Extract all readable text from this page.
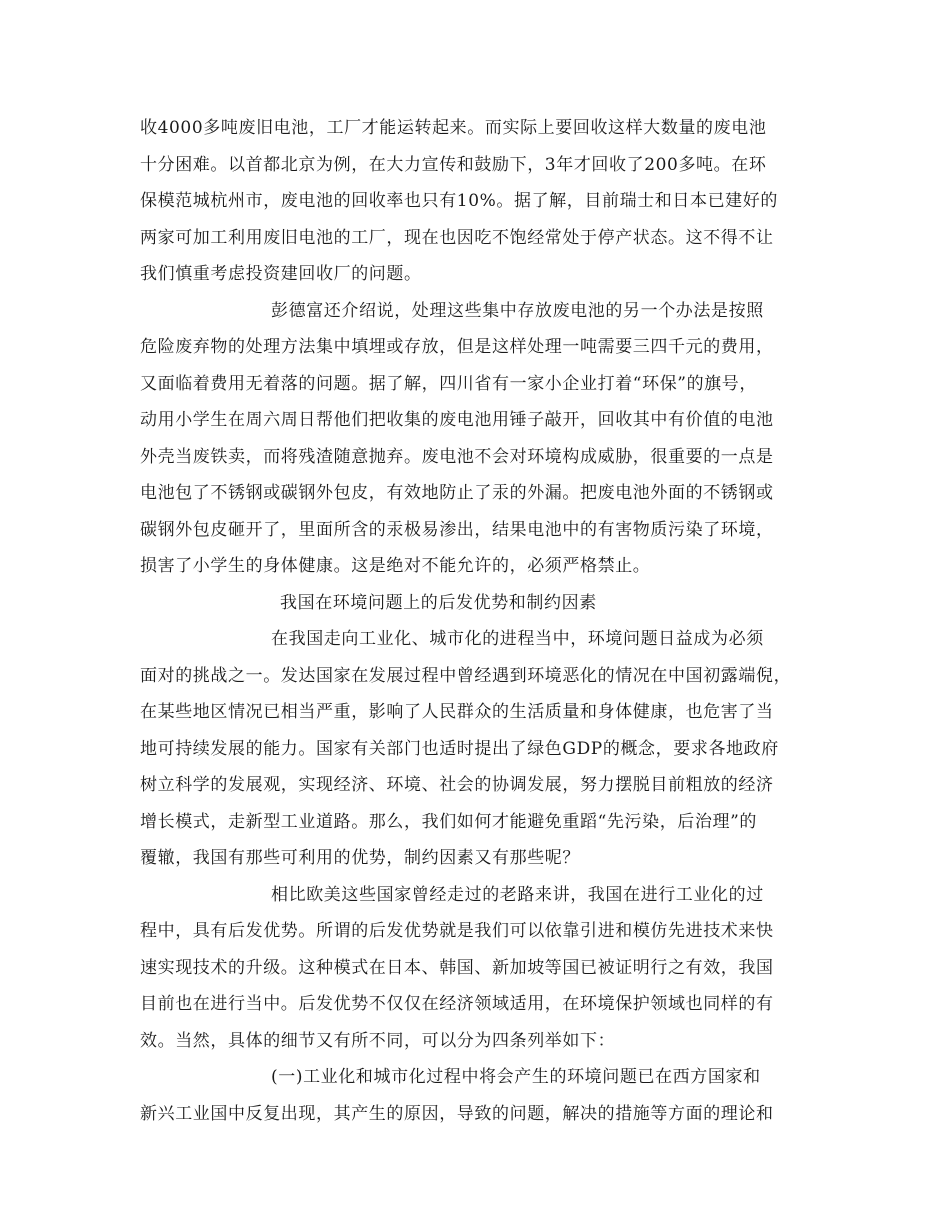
收4000多吨废旧电池，工厂才能运转起来。而实际上要回收这样大数量的废电池
十分困难。以首都北京为例，在大力宣传和鼓励下，3年才回收了200多吨。在环
保模范城杭州市，废电池的回收率也只有10%。据了解，目前瑞士和日本已建好的
两家可加工利用废旧电池的工厂，现在也因吃不饱经常处于停产状态。这不得不让
我们慎重考虑投资建回收厂的问题。
彭德富还介绍说，处理这些集中存放废电池的另一个办法是按照
危险废弃物的处理方法集中填埋或存放，但是这样处理一吨需要三四千元的费用，
又面临着费用无着落的问题。据了解，四川省有一家小企业打着“环保”的旗号，
动用小学生在周六周日帮他们把收集的废电池用锤子敲开，回收其中有价值的电池
外壳当废铁卖，而将残渣随意抛弃。废电池不会对环境构成威胁，很重要的一点是
电池包了不锈钢或碳钢外包皮，有效地防止了汞的外漏。把废电池外面的不锈钢或
碳钢外包皮砸开了，里面所含的汞极易渗出，结果电池中的有害物质污染了环境，
损害了小学生的身体健康。这是绝对不能允许的，必须严格禁止。
我国在环境问题上的后发优势和制约因素
在我国走向工业化、城市化的进程当中，环境问题日益成为必须
面对的挑战之一。发达国家在发展过程中曾经遇到环境恶化的情况在中国初露端倪，
在某些地区情况已相当严重，影响了人民群众的生活质量和身体健康，也危害了当
地可持续发展的能力。国家有关部门也适时提出了绿色GDP的概念，要求各地政府
树立科学的发展观，实现经济、环境、社会的协调发展，努力摆脱目前粗放的经济
增长模式，走新型工业道路。那么，我们如何才能避免重蹈“先污染，后治理”的
覆辙，我国有那些可利用的优势，制约因素又有那些呢？
相比欧美这些国家曾经走过的老路来讲，我国在进行工业化的过
程中，具有后发优势。所谓的后发优势就是我们可以依靠引进和模仿先进技术来快
速实现技术的升级。这种模式在日本、韩国、新加坡等国已被证明行之有效，我国
目前也在进行当中。后发优势不仅仅在经济领域适用，在环境保护领域也同样的有
效。当然，具体的细节又有所不同，可以分为四条列举如下：
(一)工业化和城市化过程中将会产生的环境问题已在西方国家和
新兴工业国中反复出现，其产生的原因，导致的问题，解决的措施等方面的理论和
